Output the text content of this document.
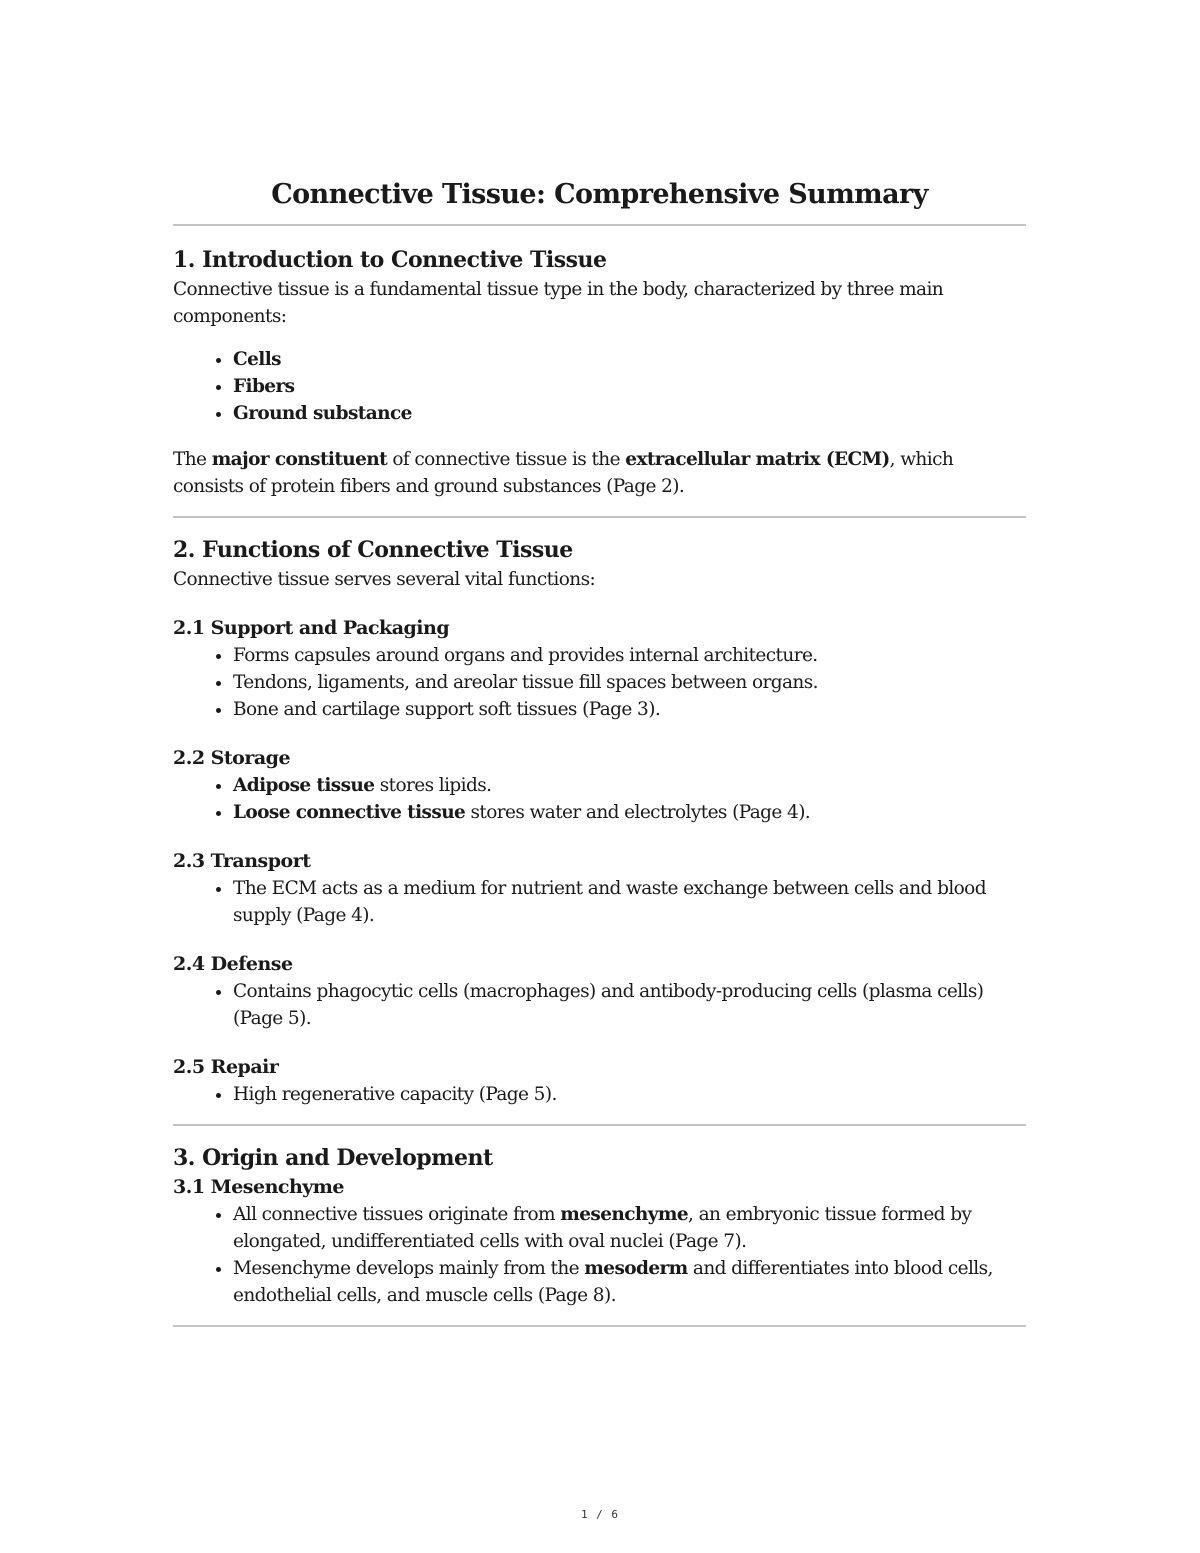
Connective Tissue: Comprehensive Summary
1. Introduction to Connective Tissue

Connective tissue is a fundamental tissue type in the body, characterized by three main components:

• Cells
• Fibers
• Ground substance

The major constituent of connective tissue is the extracellular matrix (ECM), which consists of protein fibers and ground substances (Page 2).

2. Functions of Connective Tissue

Connective tissue serves several vital functions:

2.1 Support and Packaging
• Forms capsules around organs and provides internal architecture.
• Tendons, ligaments, and areolar tissue fill spaces between organs.
• Bone and cartilage support soft tissues (Page 3).
2.2 Storage
• Adipose tissue stores lipids.
• Loose connective tissue stores water and electrolytes (Page 4).
2.3 Transport
• The ECM acts as a medium for nutrient and waste exchange between cells and blood supply (Page 4).
2.4 Defense
• Contains phagocytic cells (macrophages) and antibody-producing cells (plasma cells) (Page 5).
2.5 Repair
• High regenerative capacity (Page 5).
3. Origin and Development
3.1 Mesenchyme
• All connective tissues originate from mesenchyme, an embryonic tissue formed by elongated, undifferentiated cells with oval nuclei (Page 7).
• Mesenchyme develops mainly from the mesoderm and differentiates into blood cells, endothelial cells, and muscle cells (Page 8).
1 / 6
